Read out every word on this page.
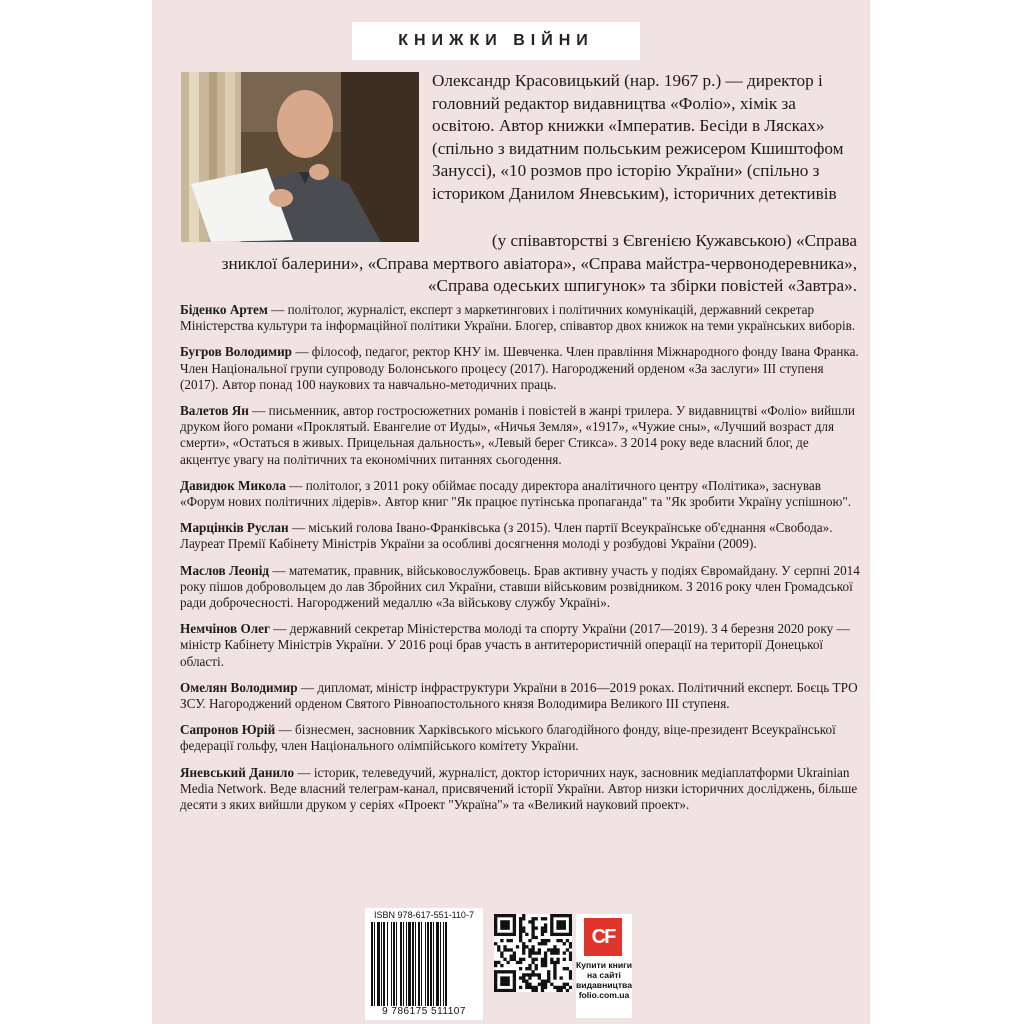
КНИЖКИ ВІЙНИ
Олександр Красовицький (нар. 1967 р.) — директор і головний редактор видавництва «Фоліо», хімік за освітою. Автор книжки «Імператив. Бесіди в Лясках» (спільно з видатним польським режисером Кшиштофом Зануссі), «10 розмов про історію України» (спільно з істориком Данилом Яневським), історичних детективів
(у співавторстві з Євгенією Кужавською) «Справа
зниклої балерини», «Справа мертвого авіатора», «Справа майстра-червонодеревника»,
«Справа одеських шпигунок» та збірки повістей «Завтра».

Біденко Артем — політолог, журналіст, експерт з маркетингових і політичних комунікацій, державний секретар Міністерства культури та інформаційної політики України. Блогер, співавтор двох книжок на теми українських виборів.

Бугров Володимир — філософ, педагог, ректор КНУ ім. Шевченка. Член правління Міжнародного фонду Івана Франка. Член Національної групи супроводу Болонського процесу (2017). Нагороджений орденом «За заслуги» ІІІ ступеня (2017). Автор понад 100 наукових та навчально-методичних праць.

Валетов Ян — письменник, автор гостросюжетних романів і повістей в жанрі трилера. У видавництві «Фоліо» вийшли друком його романи «Проклятый. Евангелие от Иуды», «Ничья Земля», «1917», «Чужие сны», «Лучший возраст для смерти», «Остаться в живых. Прицельная дальность», «Левый берег Стикса». З 2014 року веде власний блог, де акцентує увагу на політичних та економічних питаннях сьогодення.

Давидюк Микола — політолог, з 2011 року обіймає посаду директора аналітичного центру «Політика», заснував «Форум нових політичних лідерів». Автор книг "Як працює путінська пропаганда" та "Як зробити Україну успішною".

Марцінків Руслан — міський голова Івано-Франківська (з 2015). Член партії Всеукраїнське об'єднання «Свобода». Лауреат Премії Кабінету Міністрів України за особливі досягнення молоді у розбудові України (2009).

Маслов Леонід — математик, правник, військовослужбовець. Брав активну участь у подіях Євромайдану. У серпні 2014 року пішов добровольцем до лав Збройних сил України, ставши військовим розвідником. З 2016 року член Громадської ради доброчесності. Нагороджений медаллю «За військову службу Україні».

Немчінов Олег — державний секретар Міністерства молоді та спорту України (2017—2019). З 4 березня 2020 року — міністр Кабінету Міністрів України. У 2016 році брав участь в антитерористичній операції на території Донецької області.

Омелян Володимир — дипломат, міністр інфраструктури України в 2016—2019 роках. Політичний експерт. Боєць ТРО ЗСУ. Нагороджений орденом Святого Рівноапостольного князя Володимира Великого ІІІ ступеня.

Сапронов Юрій — бізнесмен, засновник Харківського міського благодійного фонду, віце-президент Всеукраїнської федерації гольфу, член Національного олімпійського комітету України.

Яневський Данило — історик, телеведучий, журналіст, доктор історичних наук, засновник медіаплатформи Ukrainian Media Network. Веде власний телеграм-канал, присвячений історії України. Автор низки історичних досліджень, більше десяти з яких вийшли друком у серіях «Проект "Україна"» та «Великий науковий проект».

ISBN 978-617-551-110-7
9 786175 511107
CF
Купити книги на сайті видавництва folio.com.ua
